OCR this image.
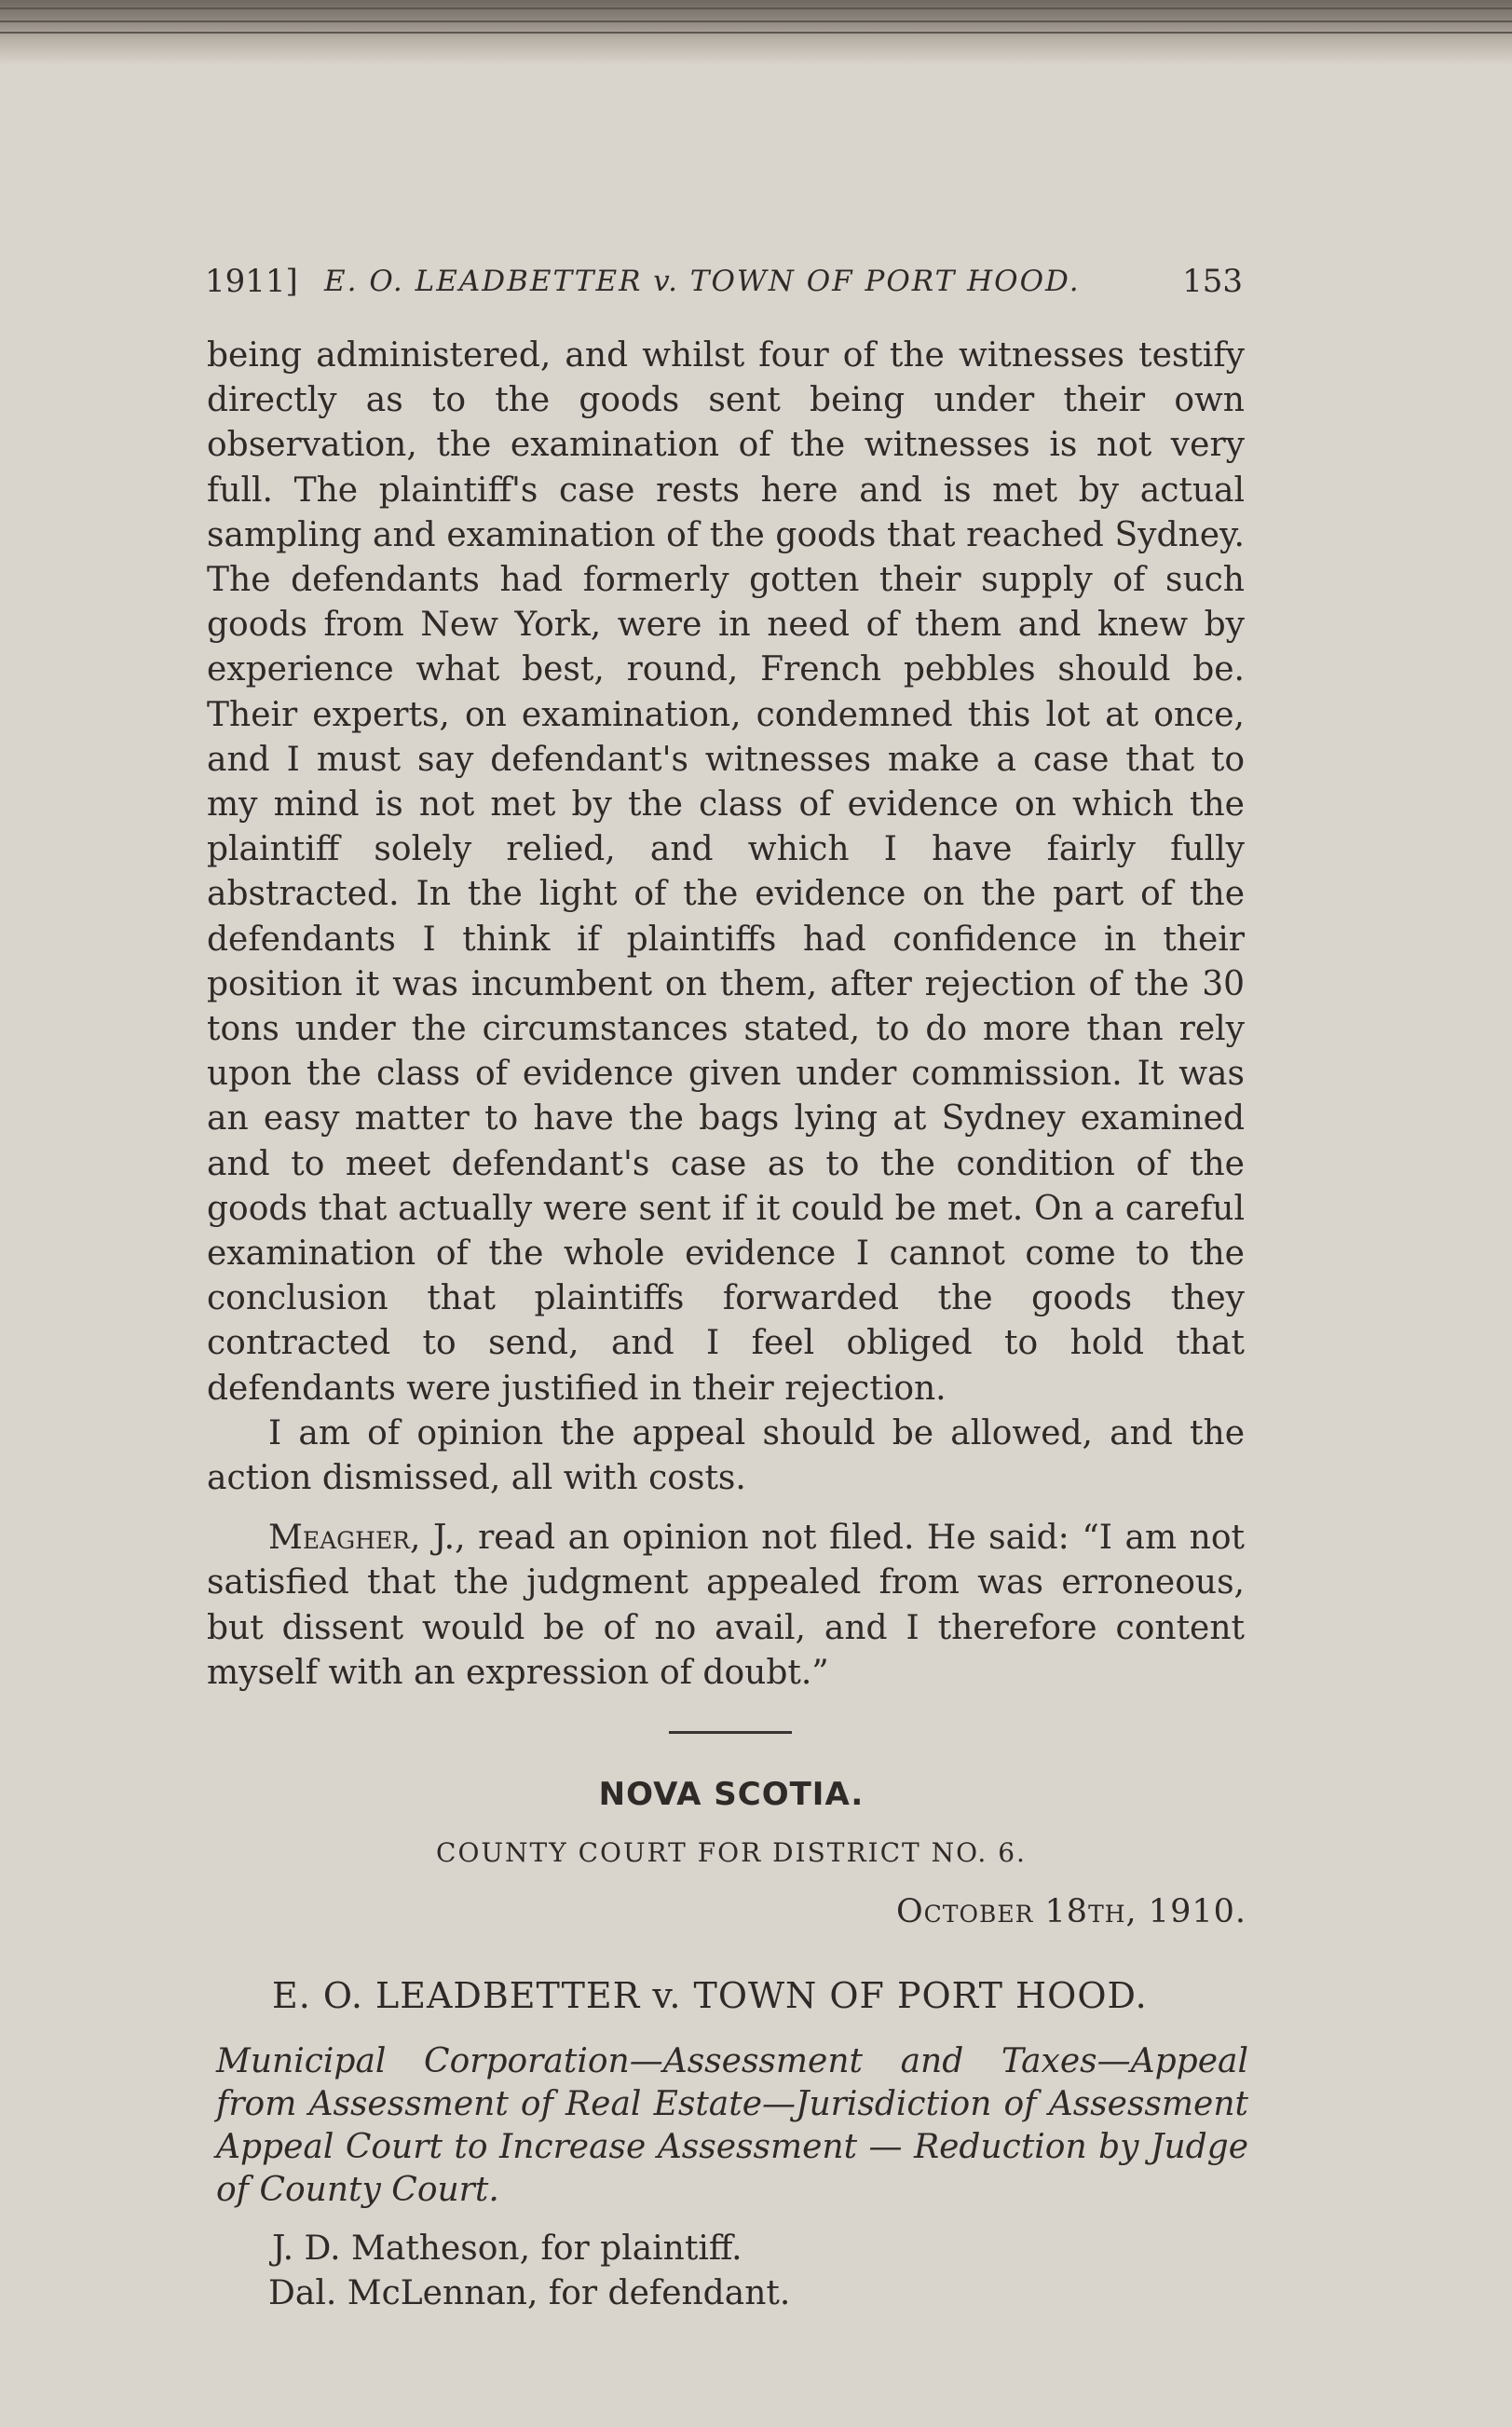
1911] E. O. LEADBETTER v. TOWN OF PORT HOOD.	153

being administered, and whilst four of the witnesses testify directly as to the goods sent being under their own observation, the examination of the witnesses is not very full. The plaintiff's case rests here and is met by actual sampling and examination of the goods that reached Sydney. The defendants had formerly gotten their supply of such goods from New York, were in need of them and knew by experience what best, round, French pebbles should be. Their experts, on examination, condemned this lot at once, and I must say defendant's witnesses make a case that to my mind is not met by the class of evidence on which the plaintiff solely relied, and which I have fairly fully abstracted. In the light of the evidence on the part of the defendants I think if plaintiffs had confidence in their position it was incumbent on them, after rejection of the 30 tons under the circumstances stated, to do more than rely upon the class of evidence given under commission. It was an easy matter to have the bags lying at Sydney examined and to meet defendant's case as to the condition of the goods that actually were sent if it could be met. On a careful examination of the whole evidence I cannot come to the conclusion that plaintiffs forwarded the goods they contracted to send, and I feel obliged to hold that defendants were justified in their rejection.

I am of opinion the appeal should be allowed, and the action dismissed, all with costs.

Meagher, J., read an opinion not filed. He said: “I am not satisfied that the judgment appealed from was erroneous, but dissent would be of no avail, and I therefore content myself with an expression of doubt.”

NOVA SCOTIA.
COUNTY COURT FOR DISTRICT NO. 6.
October 18th, 1910.
E. O. LEADBETTER v. TOWN OF PORT HOOD.
Municipal Corporation—Assessment and Taxes—Appeal from Assessment of Real Estate—Jurisdiction of Assessment Appeal Court to Increase Assessment — Reduction by Judge of County Court.
J. D. Matheson, for plaintiff.
Dal. McLennan, for defendant.
